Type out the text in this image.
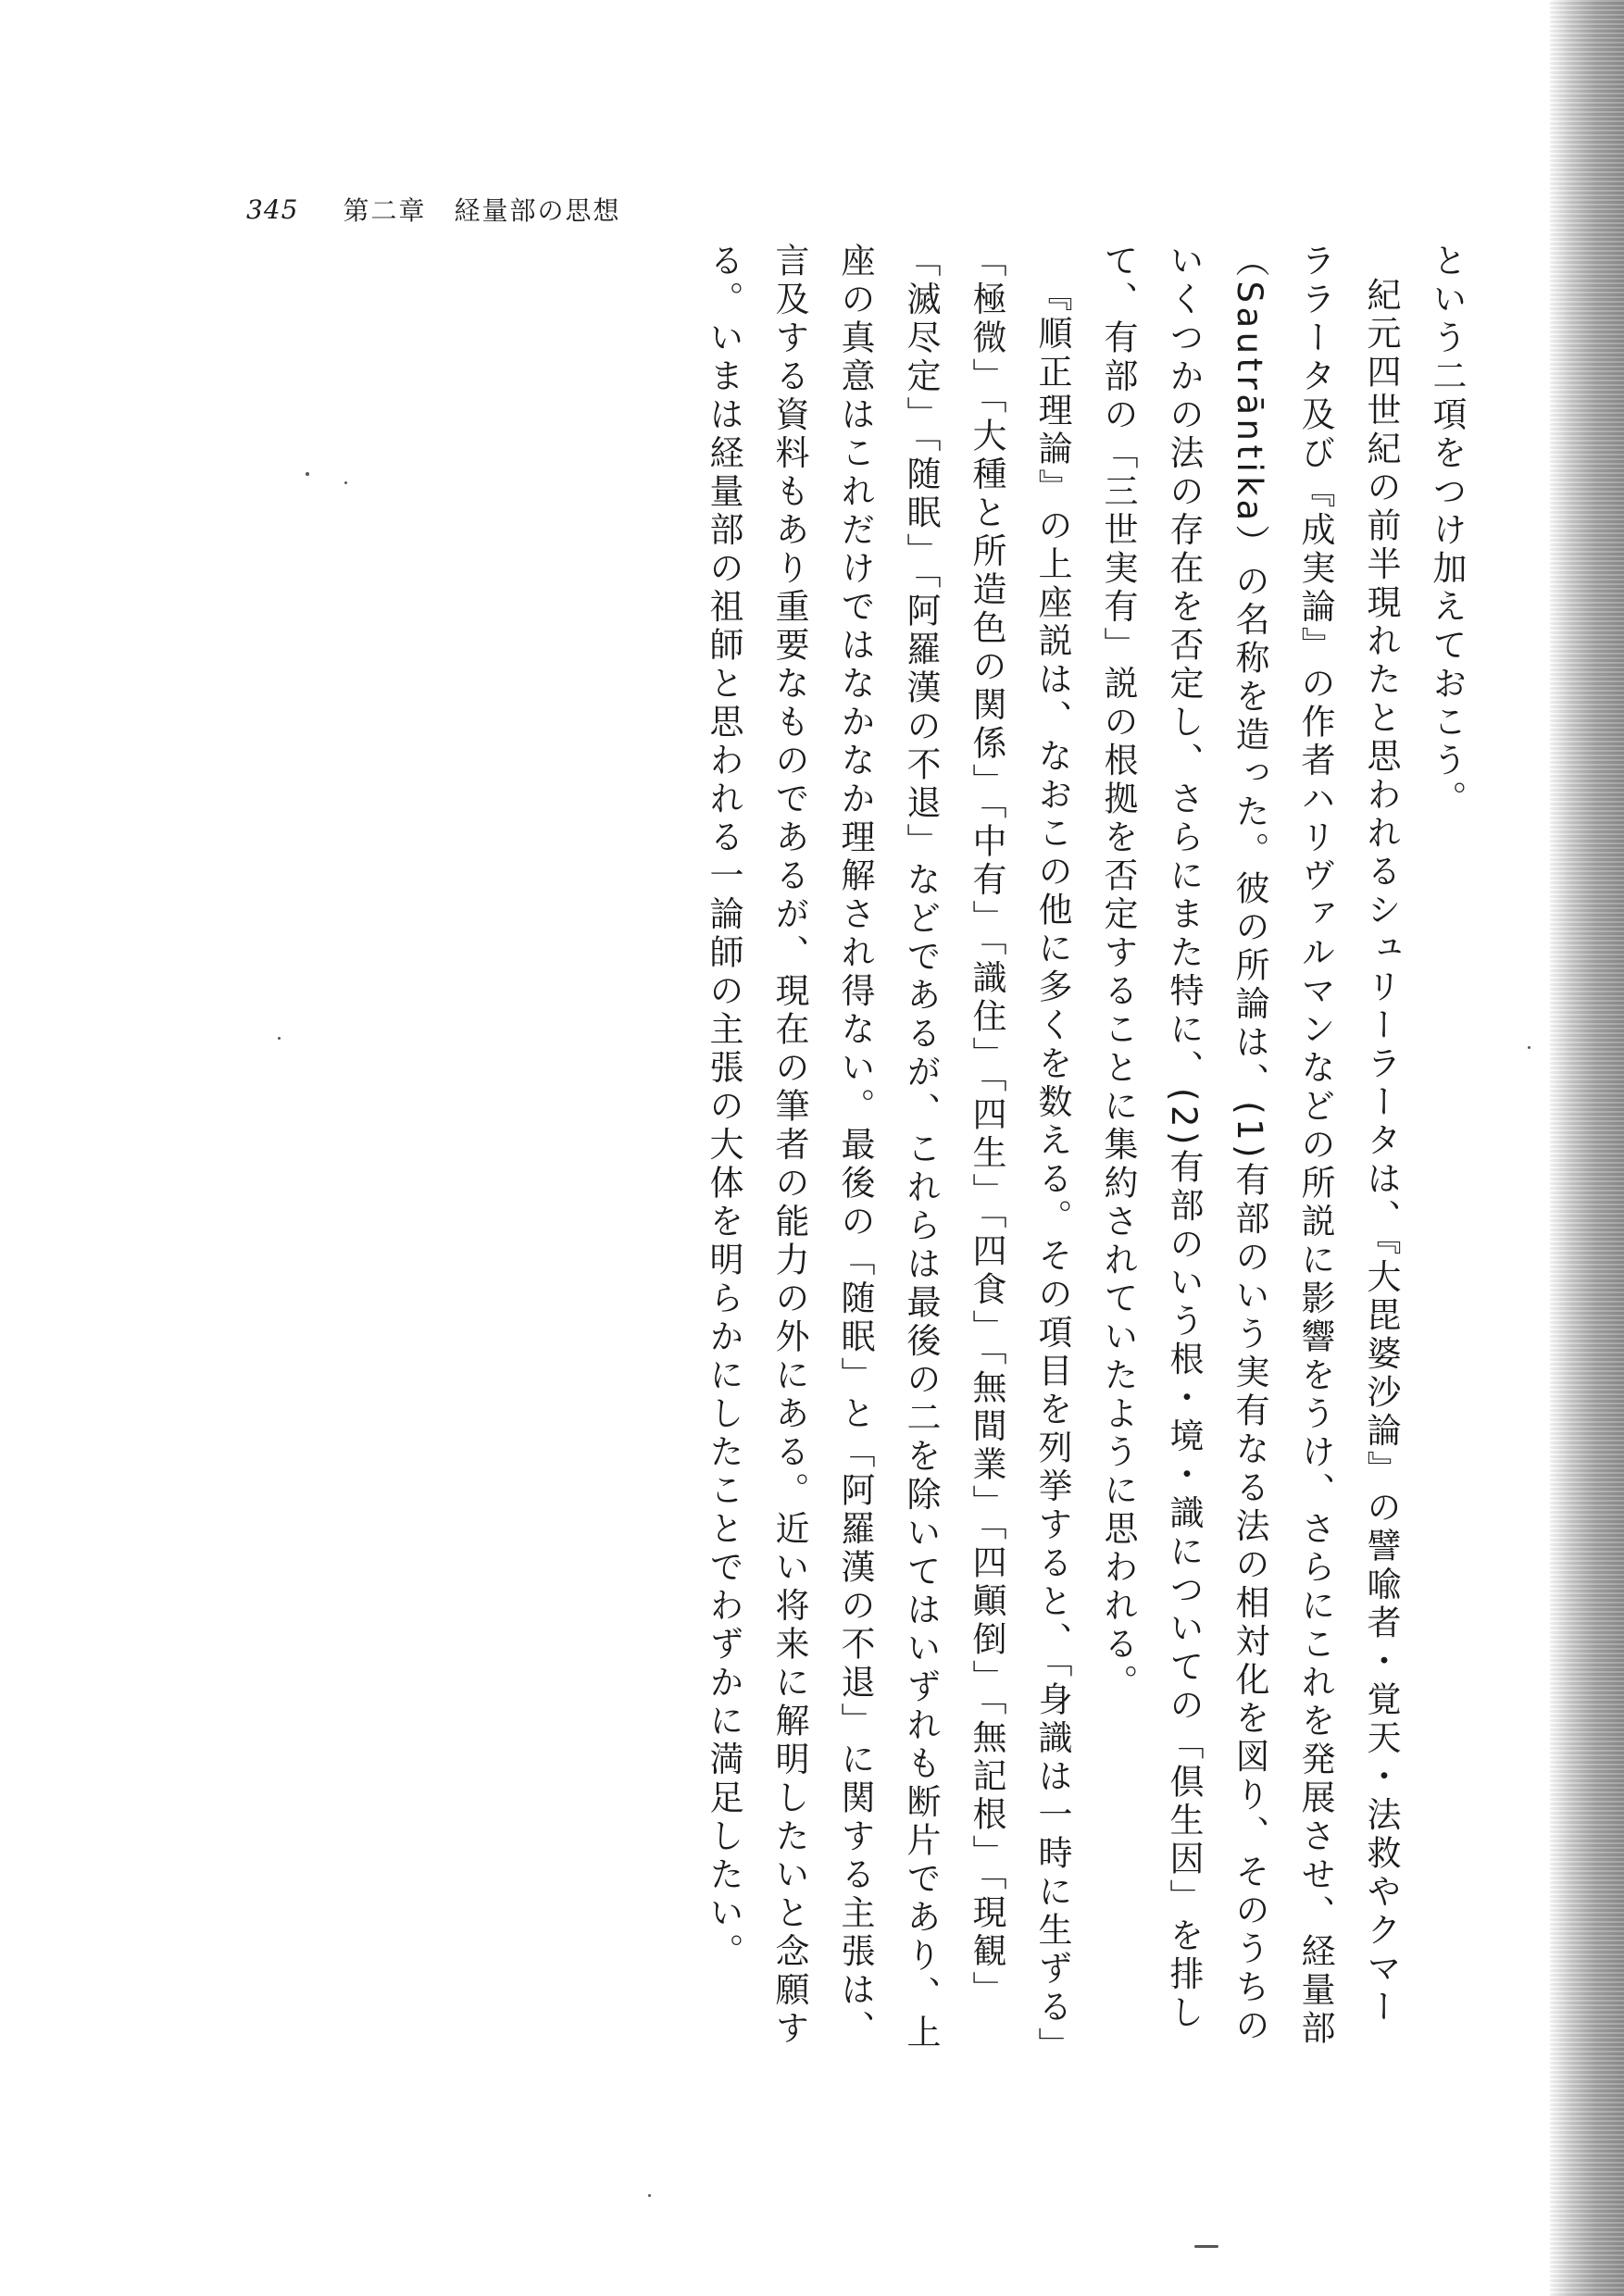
345 第二章　経量部の思想

という二項をつけ加えておこう。

紀元四世紀の前半現れたと思われるシュリーラータは、『大毘婆沙論』の譬喩者・覚天・法救やクマーララータ及び『成実論』の作者ハリヴァルマンなどの所説に影響をうけ、さらにこれを発展させ、経量部（Sautrāntika）の名称を造った。彼の所論は、(1)有部のいう実有なる法の相対化を図り、そのうちのいくつかの法の存在を否定し、さらにまた特に、(2)有部のいう根・境・識についての「倶生因」を排して、有部の「三世実有」説の根拠を否定することに集約されていたように思われる。

『順正理論』の上座説は、なおこの他に多くを数える。その項目を列挙すると、「身識は一時に生ずる」「極微」「大種と所造色の関係」「中有」「識住」「四生」「四食」「無間業」「四顚倒」「無記根」「現観」「滅尽定」「随眠」「阿羅漢の不退」などであるが、これらは最後の二を除いてはいずれも断片であり、上座の真意はこれだけではなかなか理解され得ない。最後の「随眠」と「阿羅漢の不退」に関する主張は、言及する資料もあり重要なものであるが、現在の筆者の能力の外にある。近い将来に解明したいと念願する。いまは経量部の祖師と思われる一論師の主張の大体を明らかにしたことでわずかに満足したい。
